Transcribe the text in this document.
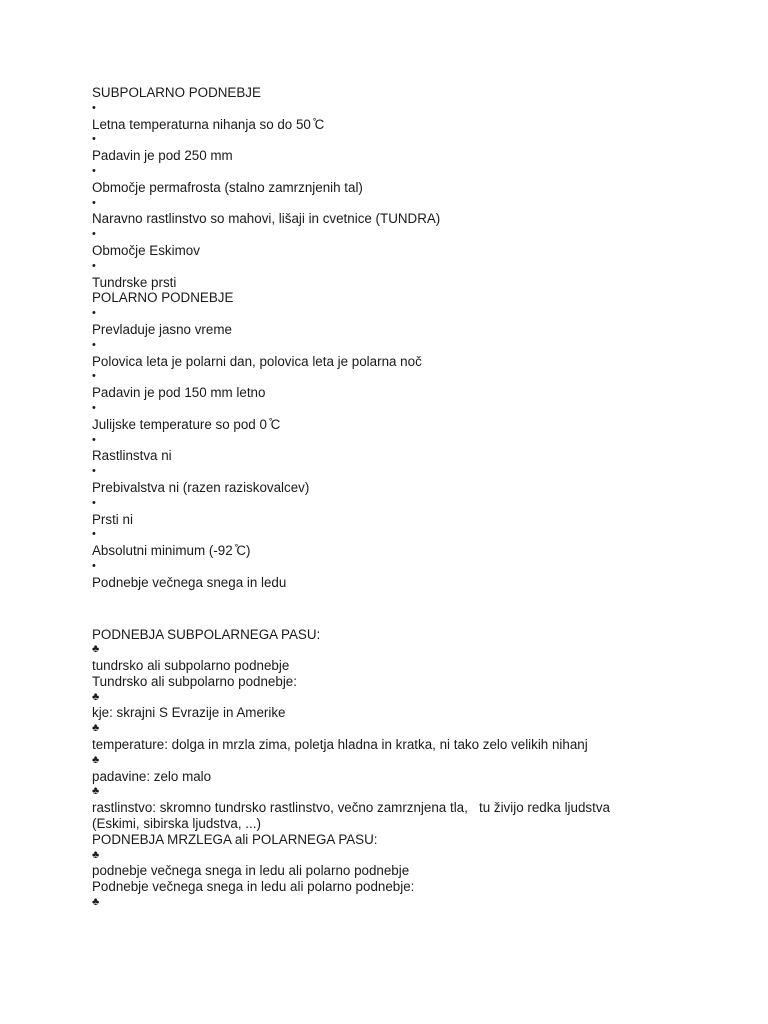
SUBPOLARNO PODNEBJE
•
Letna temperaturna nihanja so do 50 ̊C
•
Padavin je pod 250 mm
•
Območje permafrosta (stalno zamrznjenih tal)
•
Naravno rastlinstvo so mahovi, lišaji in cvetnice (TUNDRA)
•
Območje Eskimov
•
Tundrske prsti
POLARNO PODNEBJE
•
Prevladuje jasno vreme
•
Polovica leta je polarni dan, polovica leta je polarna noč
•
Padavin je pod 150 mm letno
•
Julijske temperature so pod 0 ̊C
•
Rastlinstva ni
•
Prebivalstva ni (razen raziskovalcev)
•
Prsti ni
•
Absolutni minimum (-92 ̊C)
•
Podnebje večnega snega in ledu
PODNEBJA SUBPOLARNEGA PASU:
♣
tundrsko ali subpolarno podnebje
Tundrsko ali subpolarno podnebje:
♣
kje: skrajni S Evrazije in Amerike
♣
temperature: dolga in mrzla zima, poletja hladna in kratka, ni tako zelo velikih nihanj
♣
padavine: zelo malo
♣
rastlinstvo: skromno tundrsko rastlinstvo, večno zamrznjena tla,   tu živijo redka ljudstva
(Eskimi, sibirska ljudstva, ...)
PODNEBJA MRZLEGA ali POLARNEGA PASU:
♣
podnebje večnega snega in ledu ali polarno podnebje
Podnebje večnega snega in ledu ali polarno podnebje:
♣
